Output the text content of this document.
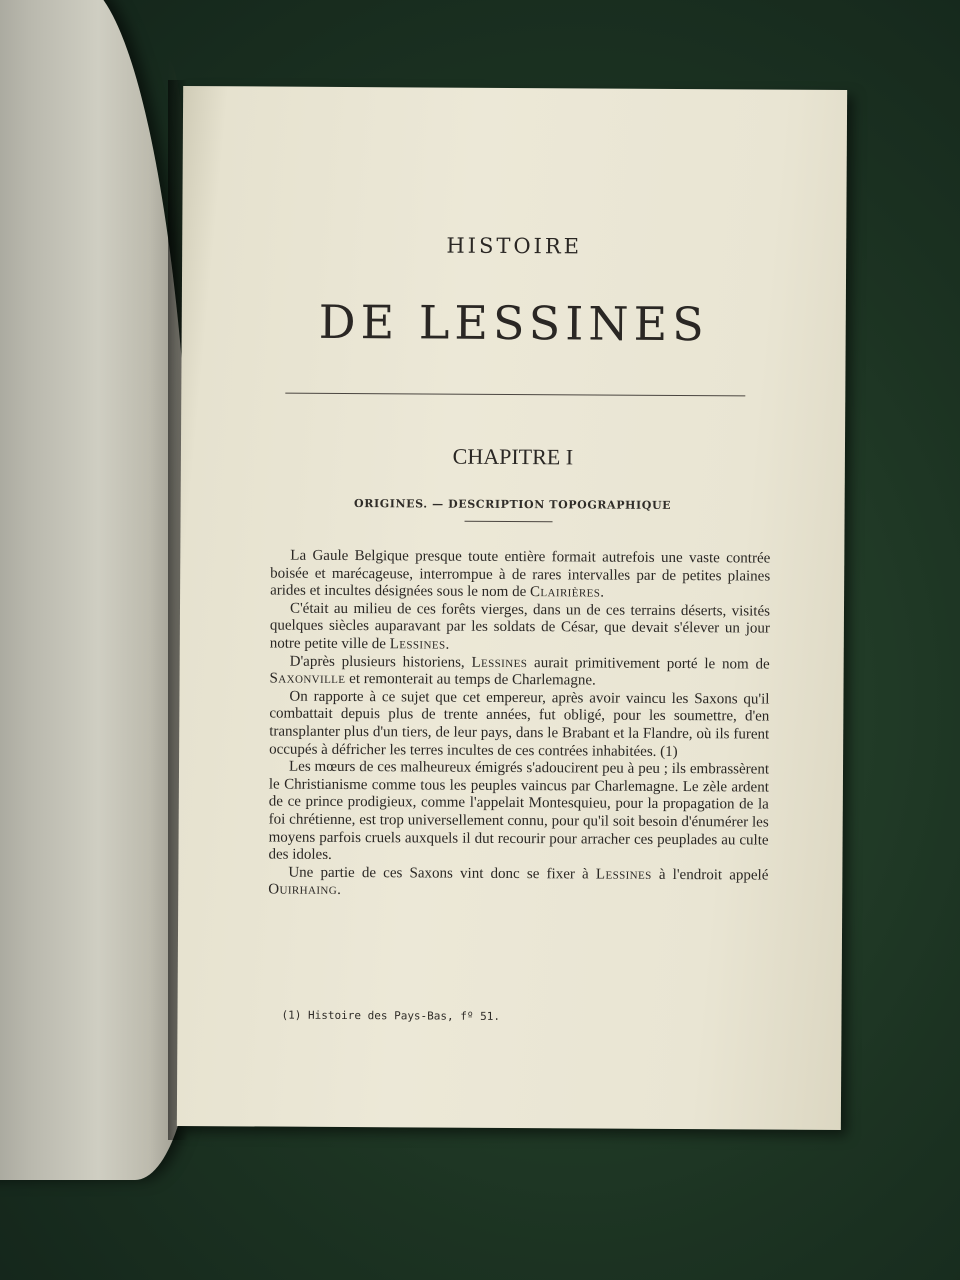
HISTOIRE
DE LESSINES
CHAPITRE I
ORIGINES. — DESCRIPTION TOPOGRAPHIQUE

La Gaule Belgique presque toute entière formait autrefois une vaste contrée boisée et marécageuse, interrompue à de rares intervalles par de petites plaines arides et incultes désignées sous le nom de Clairières.

C'était au milieu de ces forêts vierges, dans un de ces terrains déserts, visités quelques siècles auparavant par les soldats de César, que devait s'élever un jour notre petite ville de Lessines.

D'après plusieurs historiens, Lessines aurait primitivement porté le nom de Saxonville et remonterait au temps de Charlemagne.

On rapporte à ce sujet que cet empereur, après avoir vaincu les Saxons qu'il combattait depuis plus de trente années, fut obligé, pour les soumettre, d'en transplanter plus d'un tiers, de leur pays, dans le Brabant et la Flandre, où ils furent occupés à défricher les terres incultes de ces contrées inhabitées. (1)

Les mœurs de ces malheureux émigrés s'adoucirent peu à peu ; ils embrassèrent le Christianisme comme tous les peuples vaincus par Charlemagne. Le zèle ardent de ce prince prodigieux, comme l'appelait Montesquieu, pour la propagation de la foi chrétienne, est trop universellement connu, pour qu'il soit besoin d'énumérer les moyens parfois cruels auxquels il dut recourir pour arracher ces peuplades au culte des idoles.

Une partie de ces Saxons vint donc se fixer à Lessines à l'endroit appelé Ouirhaing.

(1) Histoire des Pays-Bas, fº 51.
